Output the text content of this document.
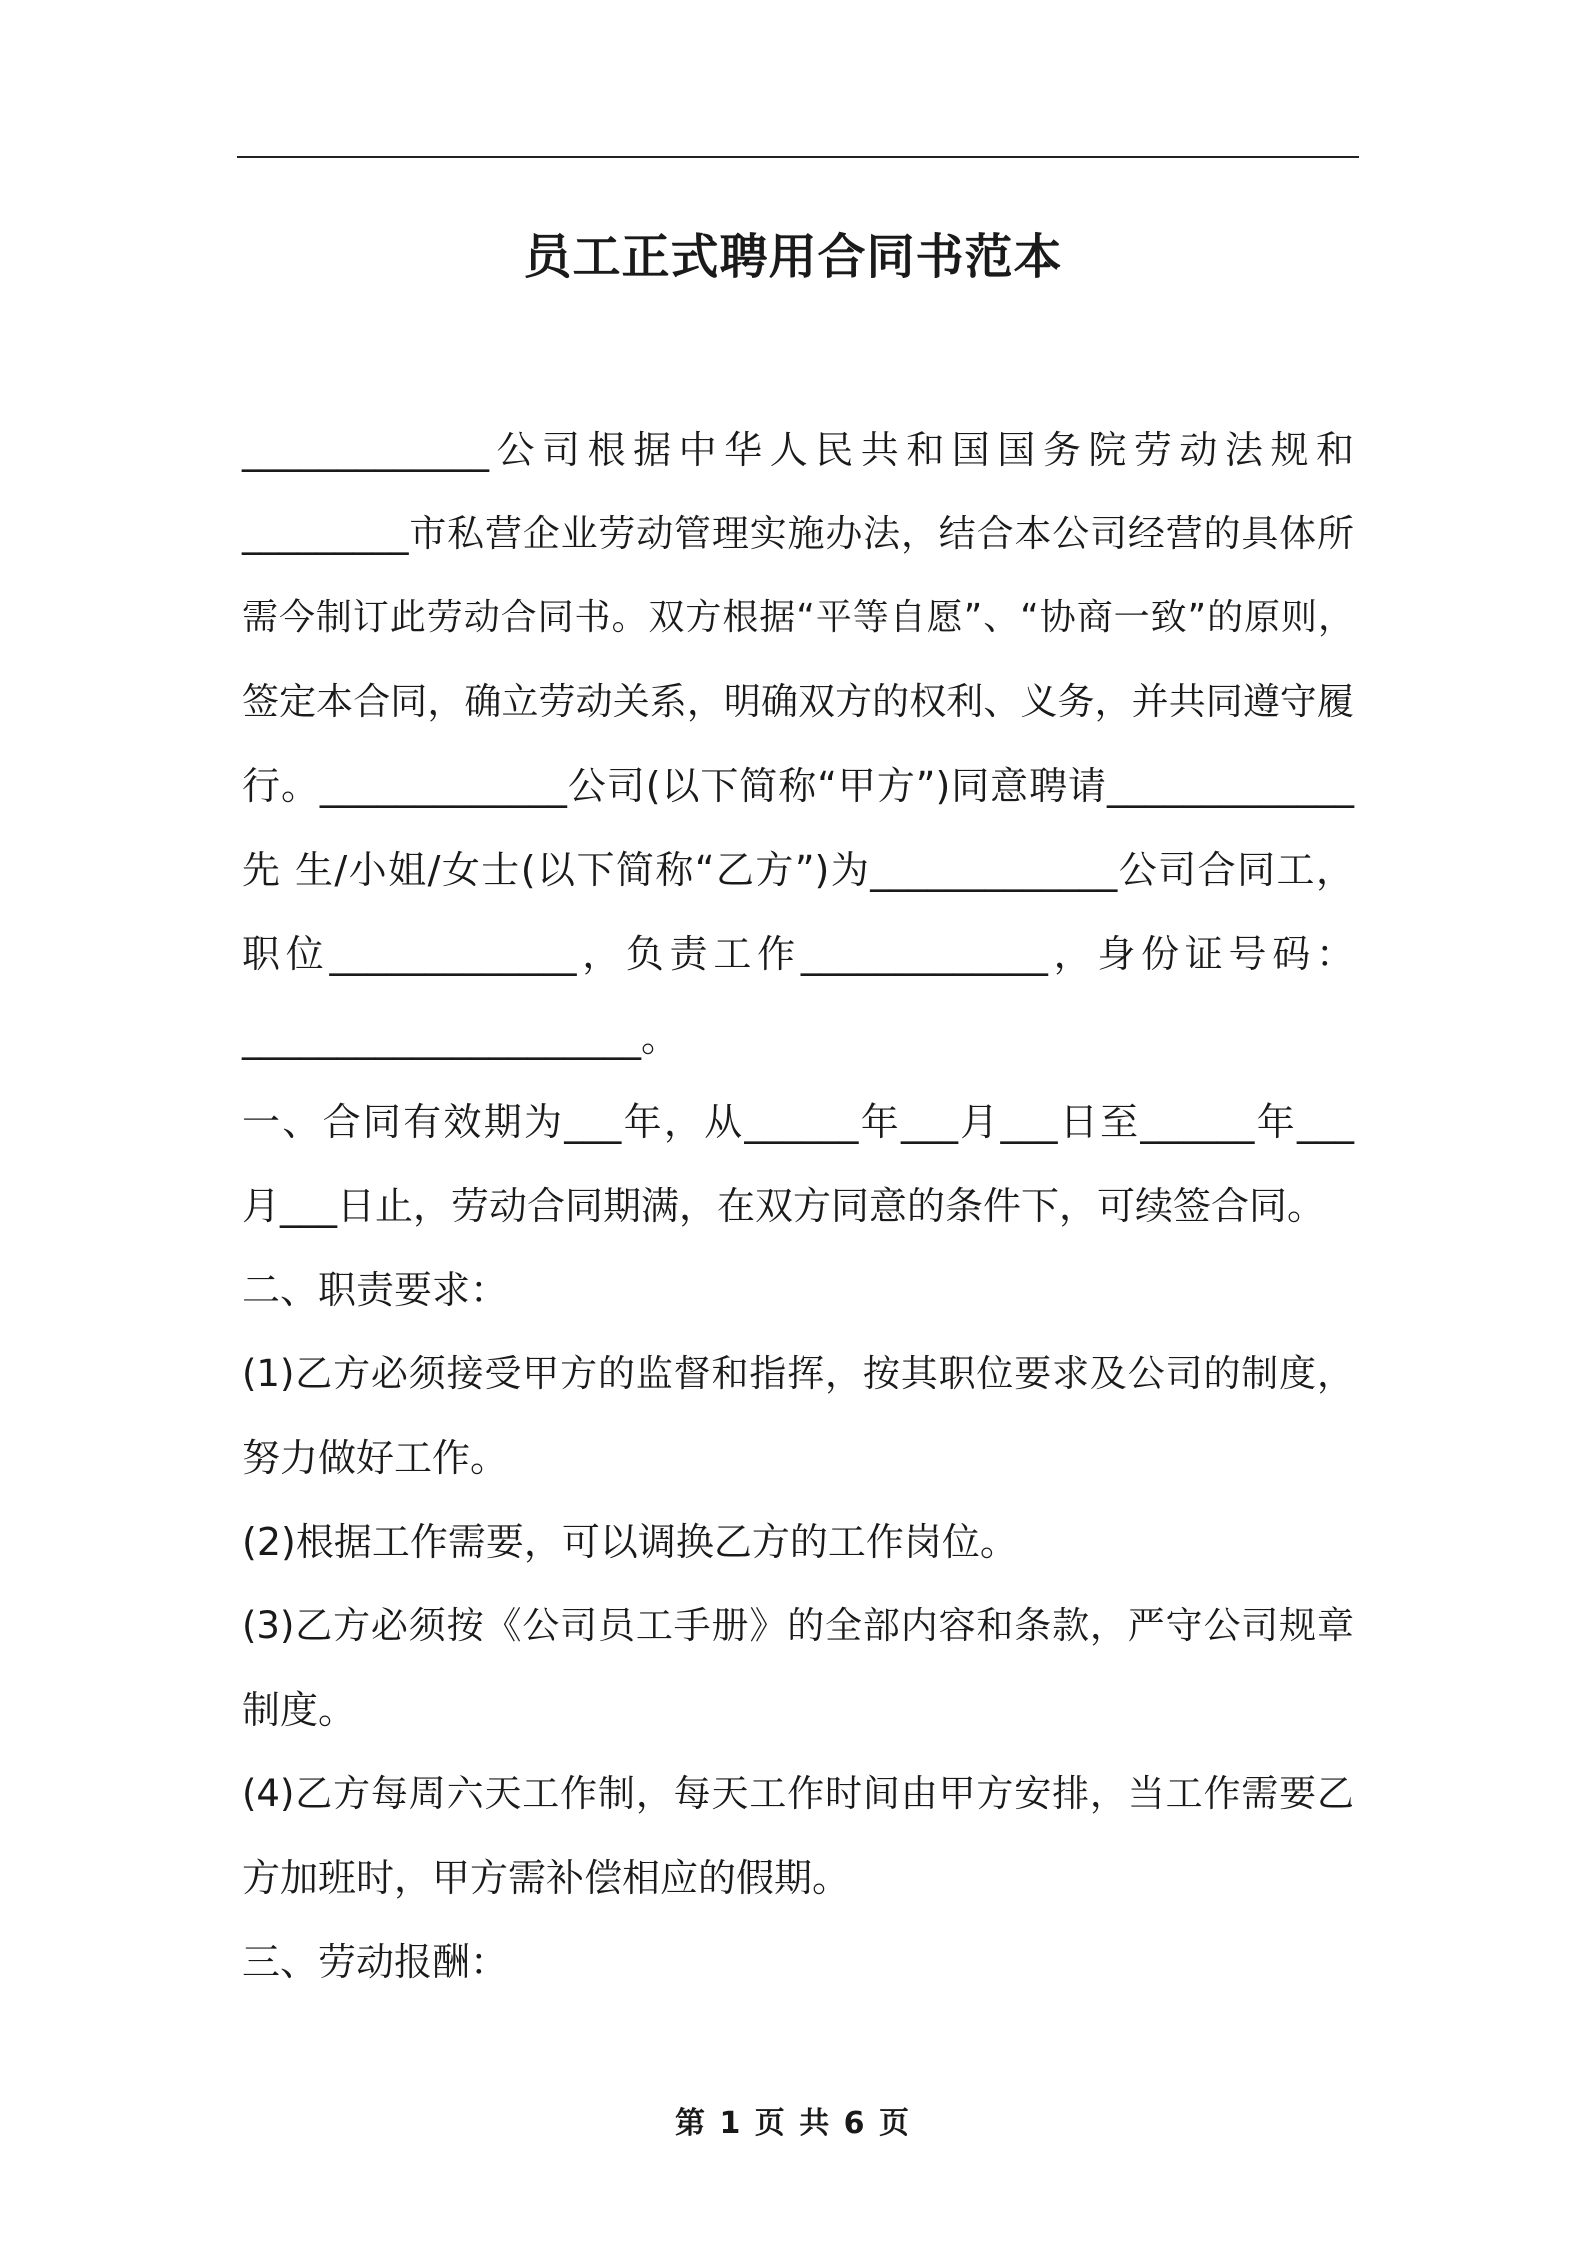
员工正式聘用合同书范本
_____________公司根据中华人民共和国国务院劳动法规和
_________市私营企业劳动管理实施办法，结合本公司经营的具体所
需今制订此劳动合同书。双方根据“平等自愿”、“协商一致”的原则，
签定本合同，确立劳动关系，明确双方的权利、义务，并共同遵守履
行。_____________公司(以下简称“甲方”)同意聘请_____________
先 生/小姐/女士(以下简称“乙方”)为_____________公司合同工，
职位_____________，负责工作_____________，身份证号码：
_____________________。
一、合同有效期为___年，从______年___月___日至______年___
月___日止，劳动合同期满，在双方同意的条件下，可续签合同。
二、职责要求：
(1)乙方必须接受甲方的监督和指挥，按其职位要求及公司的制度，
努力做好工作。
(2)根据工作需要，可以调换乙方的工作岗位。
(3)乙方必须按《公司员工手册》的全部内容和条款，严守公司规章
制度。
(4)乙方每周六天工作制，每天工作时间由甲方安排，当工作需要乙
方加班时，甲方需补偿相应的假期。
三、劳动报酬：
第 1 页 共 6 页
